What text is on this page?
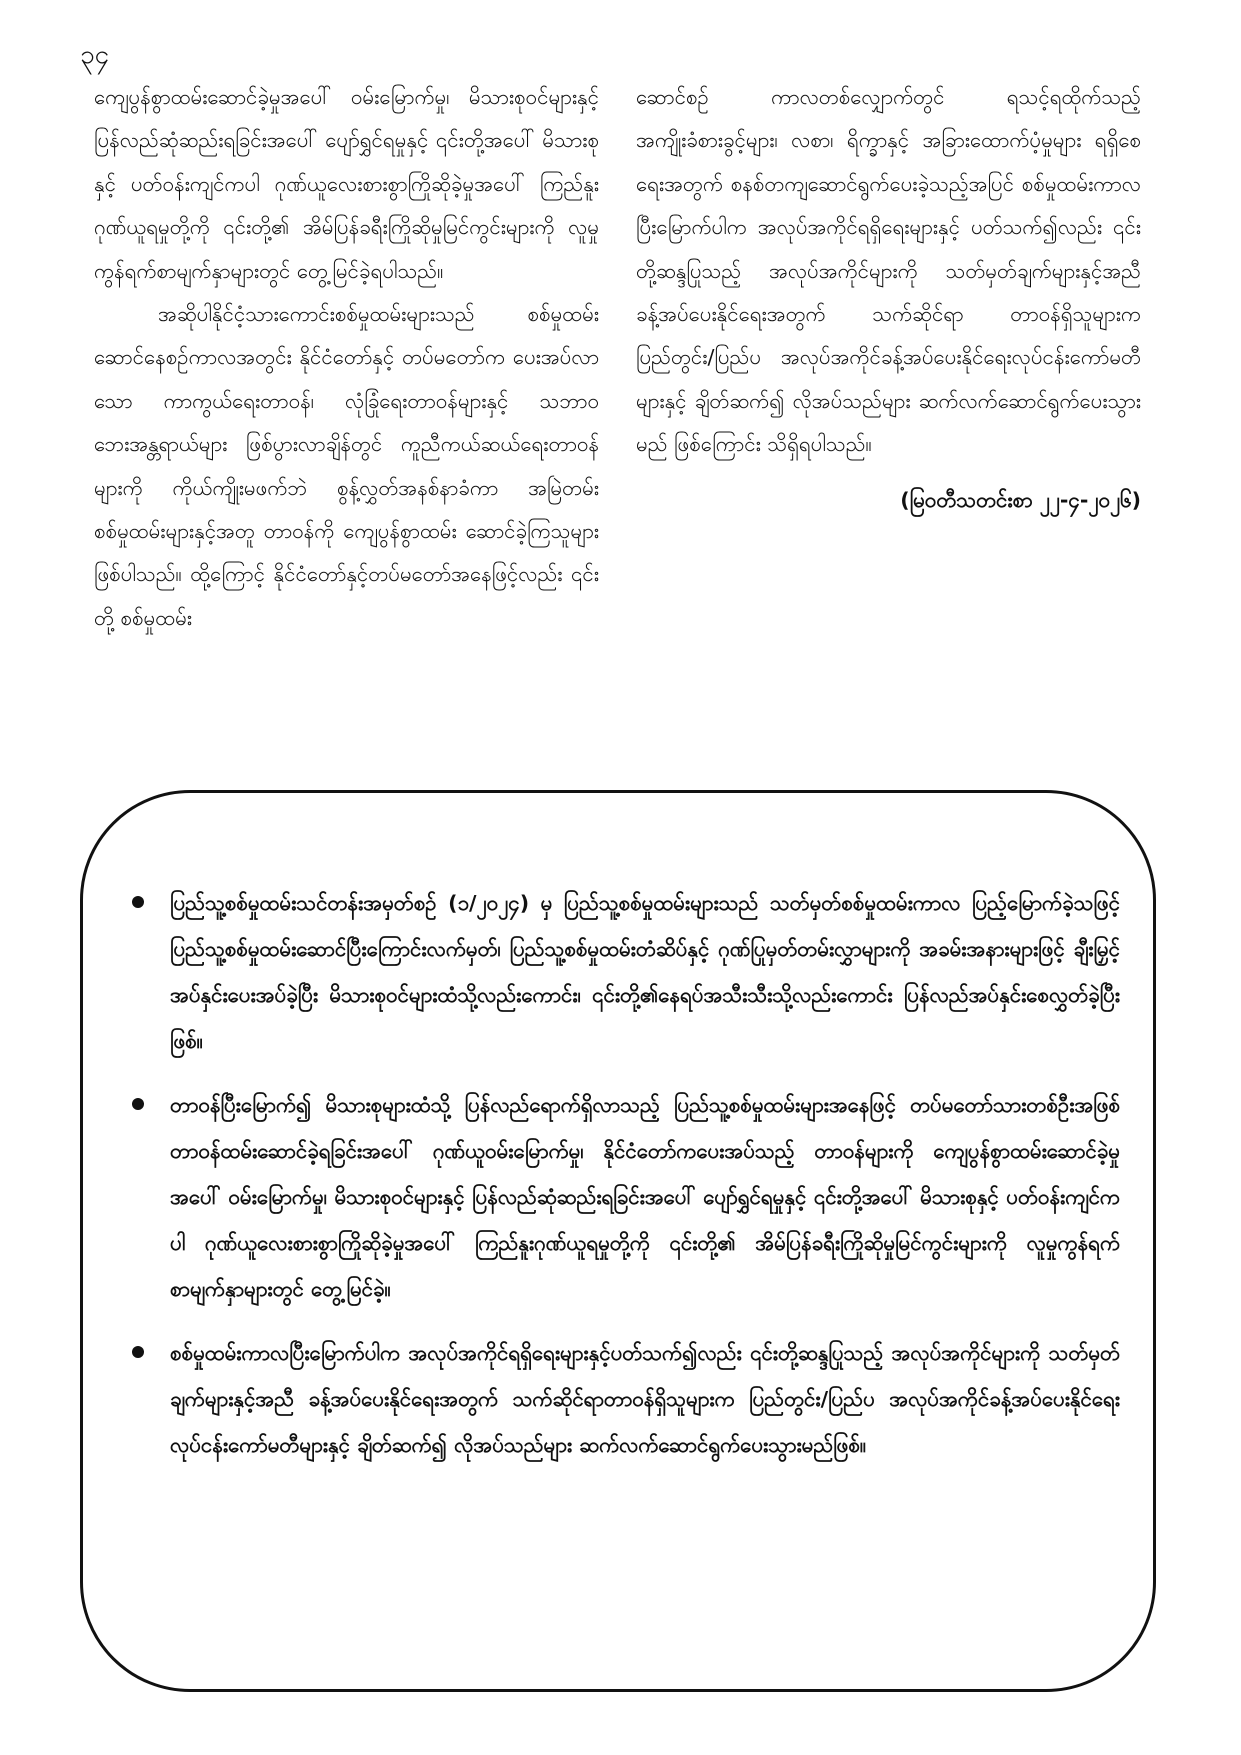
၃၄

ကျေပွန်စွာထမ်းဆောင်ခဲ့မှုအပေါ် ဝမ်းမြောက်မှု၊ မိသားစုဝင်များနှင့် ပြန်လည်ဆုံဆည်းရခြင်းအပေါ် ပျော်ရွှင်ရမှုနှင့် ၎င်းတို့အပေါ် မိသားစုနှင့် ပတ်ဝန်းကျင်ကပါ ဂုဏ်ယူလေးစားစွာကြိုဆိုခဲ့မှုအပေါ် ကြည်နူးဂုဏ်ယူရမှုတို့ကို ၎င်းတို့၏ အိမ်ပြန်ခရီးကြိုဆိုမှုမြင်ကွင်းများကို လူမှုကွန်ရက်စာမျက်နှာများတွင် တွေ့မြင်ခဲ့ရပါသည်။

အဆိုပါနိုင်ငံ့သားကောင်းစစ်မှုထမ်းများသည် စစ်မှုထမ်းဆောင်နေစဉ်ကာလအတွင်း နိုင်ငံတော်နှင့် တပ်မတော်က ပေးအပ်လာသော ကာကွယ်ရေးတာဝန်၊ လုံခြုံရေးတာဝန်များနှင့် သဘာဝဘေးအန္တရာယ်များ ဖြစ်ပွားလာချိန်တွင် ကူညီကယ်ဆယ်ရေးတာဝန်များကို ကိုယ်ကျိုးမဖက်ဘဲ စွန့်လွှတ်အနစ်နာခံကာ အမြဲတမ်းစစ်မှုထမ်းများနှင့်အတူ တာဝန်ကို ကျေပွန်စွာထမ်း ဆောင်ခဲ့ကြသူများဖြစ်ပါသည်။ ထို့ကြောင့် နိုင်ငံတော်နှင့်တပ်မတော်အနေဖြင့်လည်း ၎င်းတို့ စစ်မှုထမ်း

ဆောင်စဉ် ကာလတစ်လျှောက်တွင် ရသင့်ရထိုက်သည့် အကျိုးခံစားခွင့်များ၊ လစာ၊ ရိက္ခာနှင့် အခြားထောက်ပံ့မှုများ ရရှိစေရေးအတွက် စနစ်တကျဆောင်ရွက်ပေးခဲ့သည့်အပြင် စစ်မှုထမ်းကာလပြီးမြောက်ပါက အလုပ်အကိုင်ရရှိရေးများနှင့် ပတ်သက်၍လည်း ၎င်းတို့ဆန္ဒပြုသည့် အလုပ်အကိုင်များကို သတ်မှတ်ချက်များနှင့်အညီ ခန့်အပ်ပေးနိုင်ရေးအတွက် သက်ဆိုင်ရာ တာဝန်ရှိသူများက ပြည်တွင်း/ပြည်ပ အလုပ်အကိုင်ခန့်အပ်ပေးနိုင်ရေးလုပ်ငန်းကော်မတီများနှင့် ချိတ်ဆက်၍ လိုအပ်သည်များ ဆက်လက်ဆောင်ရွက်ပေးသွားမည် ဖြစ်ကြောင်း သိရှိရပါသည်။

(မြဝတီသတင်းစာ ၂၂-၄-၂၀၂၆)

ပြည်သူ့စစ်မှုထမ်းသင်တန်းအမှတ်စဉ် (၁/၂၀၂၄) မှ ပြည်သူ့စစ်မှုထမ်းများသည် သတ်မှတ်စစ်မှုထမ်းကာလ ပြည့်မြောက်ခဲ့သဖြင့် ပြည်သူ့စစ်မှုထမ်းဆောင်ပြီးကြောင်းလက်မှတ်၊ ပြည်သူ့စစ်မှုထမ်းတံဆိပ်နှင့် ဂုဏ်ပြုမှတ်တမ်းလွှာများကို အခမ်းအနားများဖြင့် ချီးမြှင့်အပ်နှင်းပေးအပ်ခဲ့ပြီး မိသားစုဝင်များထံသို့လည်းကောင်း၊ ၎င်းတို့၏နေရပ်အသီးသီးသို့လည်းကောင်း ပြန်လည်အပ်နှင်းစေလွှတ်ခဲ့ပြီးဖြစ်။
တာဝန်ပြီးမြောက်၍ မိသားစုများထံသို့ ပြန်လည်ရောက်ရှိလာသည့် ပြည်သူ့စစ်မှုထမ်းများအနေဖြင့် တပ်မတော်သားတစ်ဦးအဖြစ် တာဝန်ထမ်းဆောင်ခဲ့ရခြင်းအပေါ် ဂုဏ်ယူဝမ်းမြောက်မှု၊ နိုင်ငံတော်ကပေးအပ်သည့် တာဝန်များကို ကျေပွန်စွာထမ်းဆောင်ခဲ့မှုအပေါ် ဝမ်းမြောက်မှု၊ မိသားစုဝင်များနှင့် ပြန်လည်ဆုံဆည်းရခြင်းအပေါ် ပျော်ရွှင်ရမှုနှင့် ၎င်းတို့အပေါ် မိသားစုနှင့် ပတ်ဝန်းကျင်ကပါ ဂုဏ်ယူလေးစားစွာကြိုဆိုခဲ့မှုအပေါ် ကြည်နူးဂုဏ်ယူရမှုတို့ကို ၎င်းတို့၏ အိမ်ပြန်ခရီးကြိုဆိုမှုမြင်ကွင်းများကို လူမှုကွန်ရက်စာမျက်နှာများတွင် တွေ့မြင်ခဲ့။
စစ်မှုထမ်းကာလပြီးမြောက်ပါက အလုပ်အကိုင်ရရှိရေးများနှင့်ပတ်သက်၍လည်း ၎င်းတို့ဆန္ဒပြုသည့် အလုပ်အကိုင်များကို သတ်မှတ်ချက်များနှင့်အညီ ခန့်အပ်ပေးနိုင်ရေးအတွက် သက်ဆိုင်ရာတာဝန်ရှိသူများက ပြည်တွင်း/ပြည်ပ အလုပ်အကိုင်ခန့်အပ်ပေးနိုင်ရေး လုပ်ငန်းကော်မတီများနှင့် ချိတ်ဆက်၍ လိုအပ်သည်များ ဆက်လက်ဆောင်ရွက်ပေးသွားမည်ဖြစ်။
